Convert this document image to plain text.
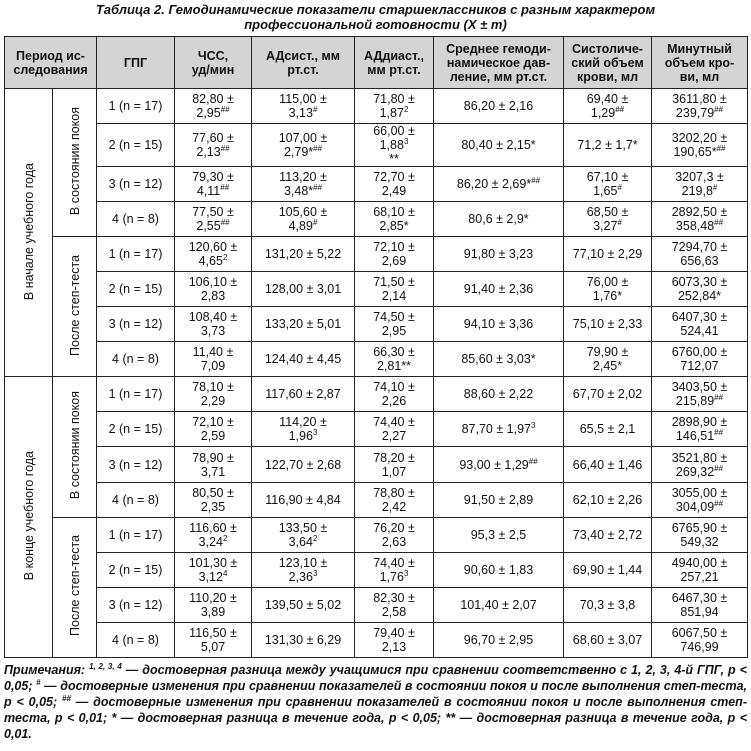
Таблица 2. Гемодинамические показатели старшеклассников с разным характером
профессиональной готовности (X ± m)
Период ис-
следования		ГПГ	ЧСС,
уд/мин	АДсист., мм
рт.ст.	АДдиаст.,
мм рт.ст.	Среднее гемоди-
намическое дав-
ление, мм рт.ст.	Систоличе-
ский объем
крови, мл	Минутный
объем кро-
ви, мл

В начале учебного года	В состоянии покоя	1 (n = 17)	82,80 ±
2,95##	115,00 ±
3,13#	71,80 ±
$1,87^2$	86,20 ± 2,16	69,40 ±
1,29##	3611,80 ±
239,79##

		2 (n = 15)	77,60 ±
2,13##	107,00 ±
2,79*##	66,00 ±
$1,88^3$
**	80,40 ± 2,15*	71,2 ± 1,7*	3202,20 ±
190,65*##

		3 (n = 12)	79,30 ±
4,11##	113,20 ±
3,48*##	72,70 ±
2,49	86,20 ± 2,69*##	67,10 ±
1,65#	3207,3 ±
219,8#

		4 (n = 8)	77,50 ±
2,55##	105,60 ±
4,89#	68,10 ±
2,85*	80,6 ± 2,9*	68,50 ±
3,27#	2892,50 ±
358,48##

	После степ-теста	1 (n = 17)	120,60 ±
$4,65^2$	131,20 ± 5,22	72,10 ±
2,69	91,80 ± 3,23	77,10 ± 2,29	7294,70 ±
656,63

		2 (n = 15)	106,10 ±
2,83	128,00 ± 3,01	71,50 ±
2,14	91,40 ± 2,36	76,00 ±
1,76*	6073,30 ±
252,84*

		3 (n = 12)	108,40 ±
3,73	133,20 ± 5,01	74,50 ±
2,95	94,10 ± 3,36	75,10 ± 2,33	6407,30 ±
524,41

		4 (n = 8)	11,40 ±
7,09	124,40 ± 4,45	66,30 ±
2,81**	85,60 ± 3,03*	79,90 ±
2,45*	6760,00 ±
712,07

В конце учебного года	В состоянии покоя	1 (n = 17)	78,10 ±
2,29	117,60 ± 2,87	74,10 ±
2,26	88,60 ± 2,22	67,70 ± 2,02	3403,50 ±
215,89##

		2 (n = 15)	72,10 ±
2,59	114,20 ±
$1,96^3$	74,40 ±
2,27	$87,70 \pm 1,97^3$	65,5 ± 2,1	2898,90 ±
146,51##

		3 (n = 12)	78,90 ±
3,71	122,70 ± 2,68	78,20 ±
1,07	93,00 ± 1,29##	66,40 ± 1,46	3521,80 ±
269,32##

		4 (n = 8)	80,50 ±
2,35	116,90 ± 4,84	78,80 ±
2,42	91,50 ± 2,89	62,10 ± 2,26	3055,00 ±
304,09##

	После степ-теста	1 (n = 17)	116,60 ±
$3,24^2$	133,50 ±
$3,64^2$	76,20 ±
2,63	95,3 ± 2,5	73,40 ± 2,72	6765,90 ±
549,32

		2 (n = 15)	101,30 ±
$3,12^4$	123,10 ±
$2,36^3$	74,40 ±
$1,76^3$	90,60 ± 1,83	69,90 ± 1,44	4940,00 ±
257,21

		3 (n = 12)	110,20 ±
3,89	139,50 ± 5,02	82,30 ±
2,58	101,40 ± 2,07	70,3 ± 3,8	6467,30 ±
851,94

		4 (n = 8)	116,50 ±
5,07	131,30 ± 6,29	79,40 ±
2,13	96,70 ± 2,95	68,60 ± 3,07	6067,50 ±
746,99
Примечания: $^{1, 2, 3, 4}$ — достоверная разница между учащимися при сравнении соответственно с 1, 2, 3, 4-й ГПГ, p < 0,05; # — достоверные изменения при сравнении показателей в состоянии покоя и после выполнения степ-теста, p < 0,05; ## — достоверные изменения при сравнении показателей в состоянии покоя и после выполнения степ-теста, p < 0,01; * — достоверная разница в течение года, p < 0,05; ** — достоверная разница в течение года, p < 0,01.
